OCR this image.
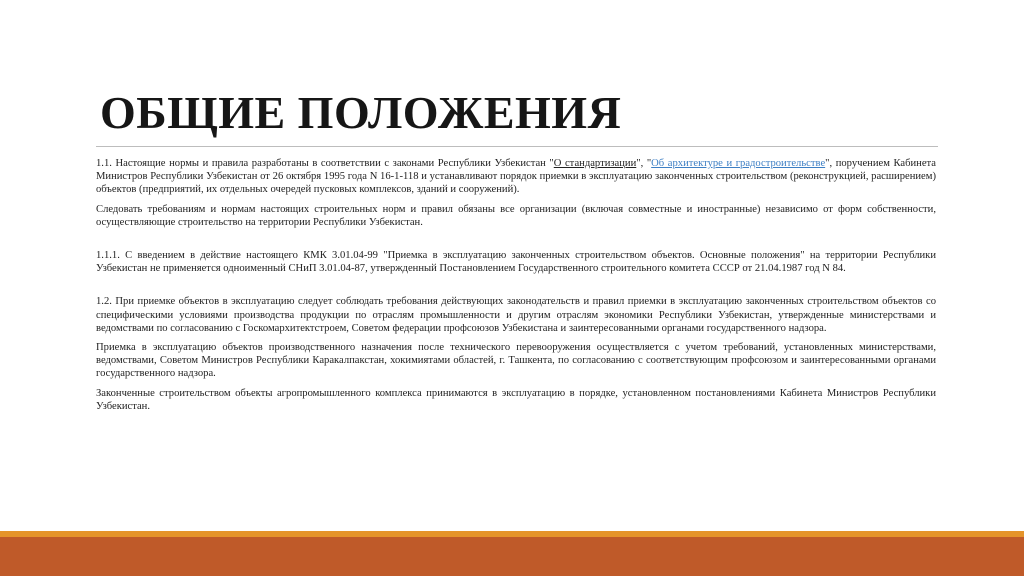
ОБЩИЕ ПОЛОЖЕНИЯ

1.1. Настоящие нормы и правила разработаны в соответствии с законами Республики Узбекистан "О стандартизации", "Об архитектуре и градостроительстве", поручением Кабинета Министров Республики Узбекистан от 26 октября 1995 года N 16-1-118 и устанавливают порядок приемки в эксплуатацию законченных строительством (реконструкцией, расширением) объектов (предприятий, их отдельных очередей пусковых комплексов, зданий и сооружений).

Следовать требованиям и нормам настоящих строительных норм и правил обязаны все организации (включая совместные и иностранные) независимо от форм собственности, осуществляющие строительство на территории Республики Узбекистан.

1.1.1. С введением в действие настоящего КМК 3.01.04-99 "Приемка в эксплуатацию законченных строительством объектов. Основные положения" на территории Республики Узбекистан не применяется одноименный СНиП 3.01.04-87, утвержденный Постановлением Государственного строительного комитета СССР от 21.04.1987 год N 84.

1.2. При приемке объектов в эксплуатацию следует соблюдать требования действующих законодательств и правил приемки в эксплуатацию законченных строительством объектов со специфическими условиями производства продукции по отраслям промышленности и другим отраслям экономики Республики Узбекистан, утвержденные министерствами и ведомствами по согласованию с Госкомархитектстроем, Советом федерации профсоюзов Узбекистана и заинтересованными органами государственного надзора.

Приемка в эксплуатацию объектов производственного назначения после технического перевооружения осуществляется с учетом требований, установленных министерствами, ведомствами, Советом Министров Республики Каракалпакстан, хокимиятами областей, г. Ташкента, по согласованию с соответствующим профсоюзом и заинтересованными органами государственного надзора.

Законченные строительством объекты агропромышленного комплекса принимаются в эксплуатацию в порядке, установленном постановлениями Кабинета Министров Республики Узбекистан.
